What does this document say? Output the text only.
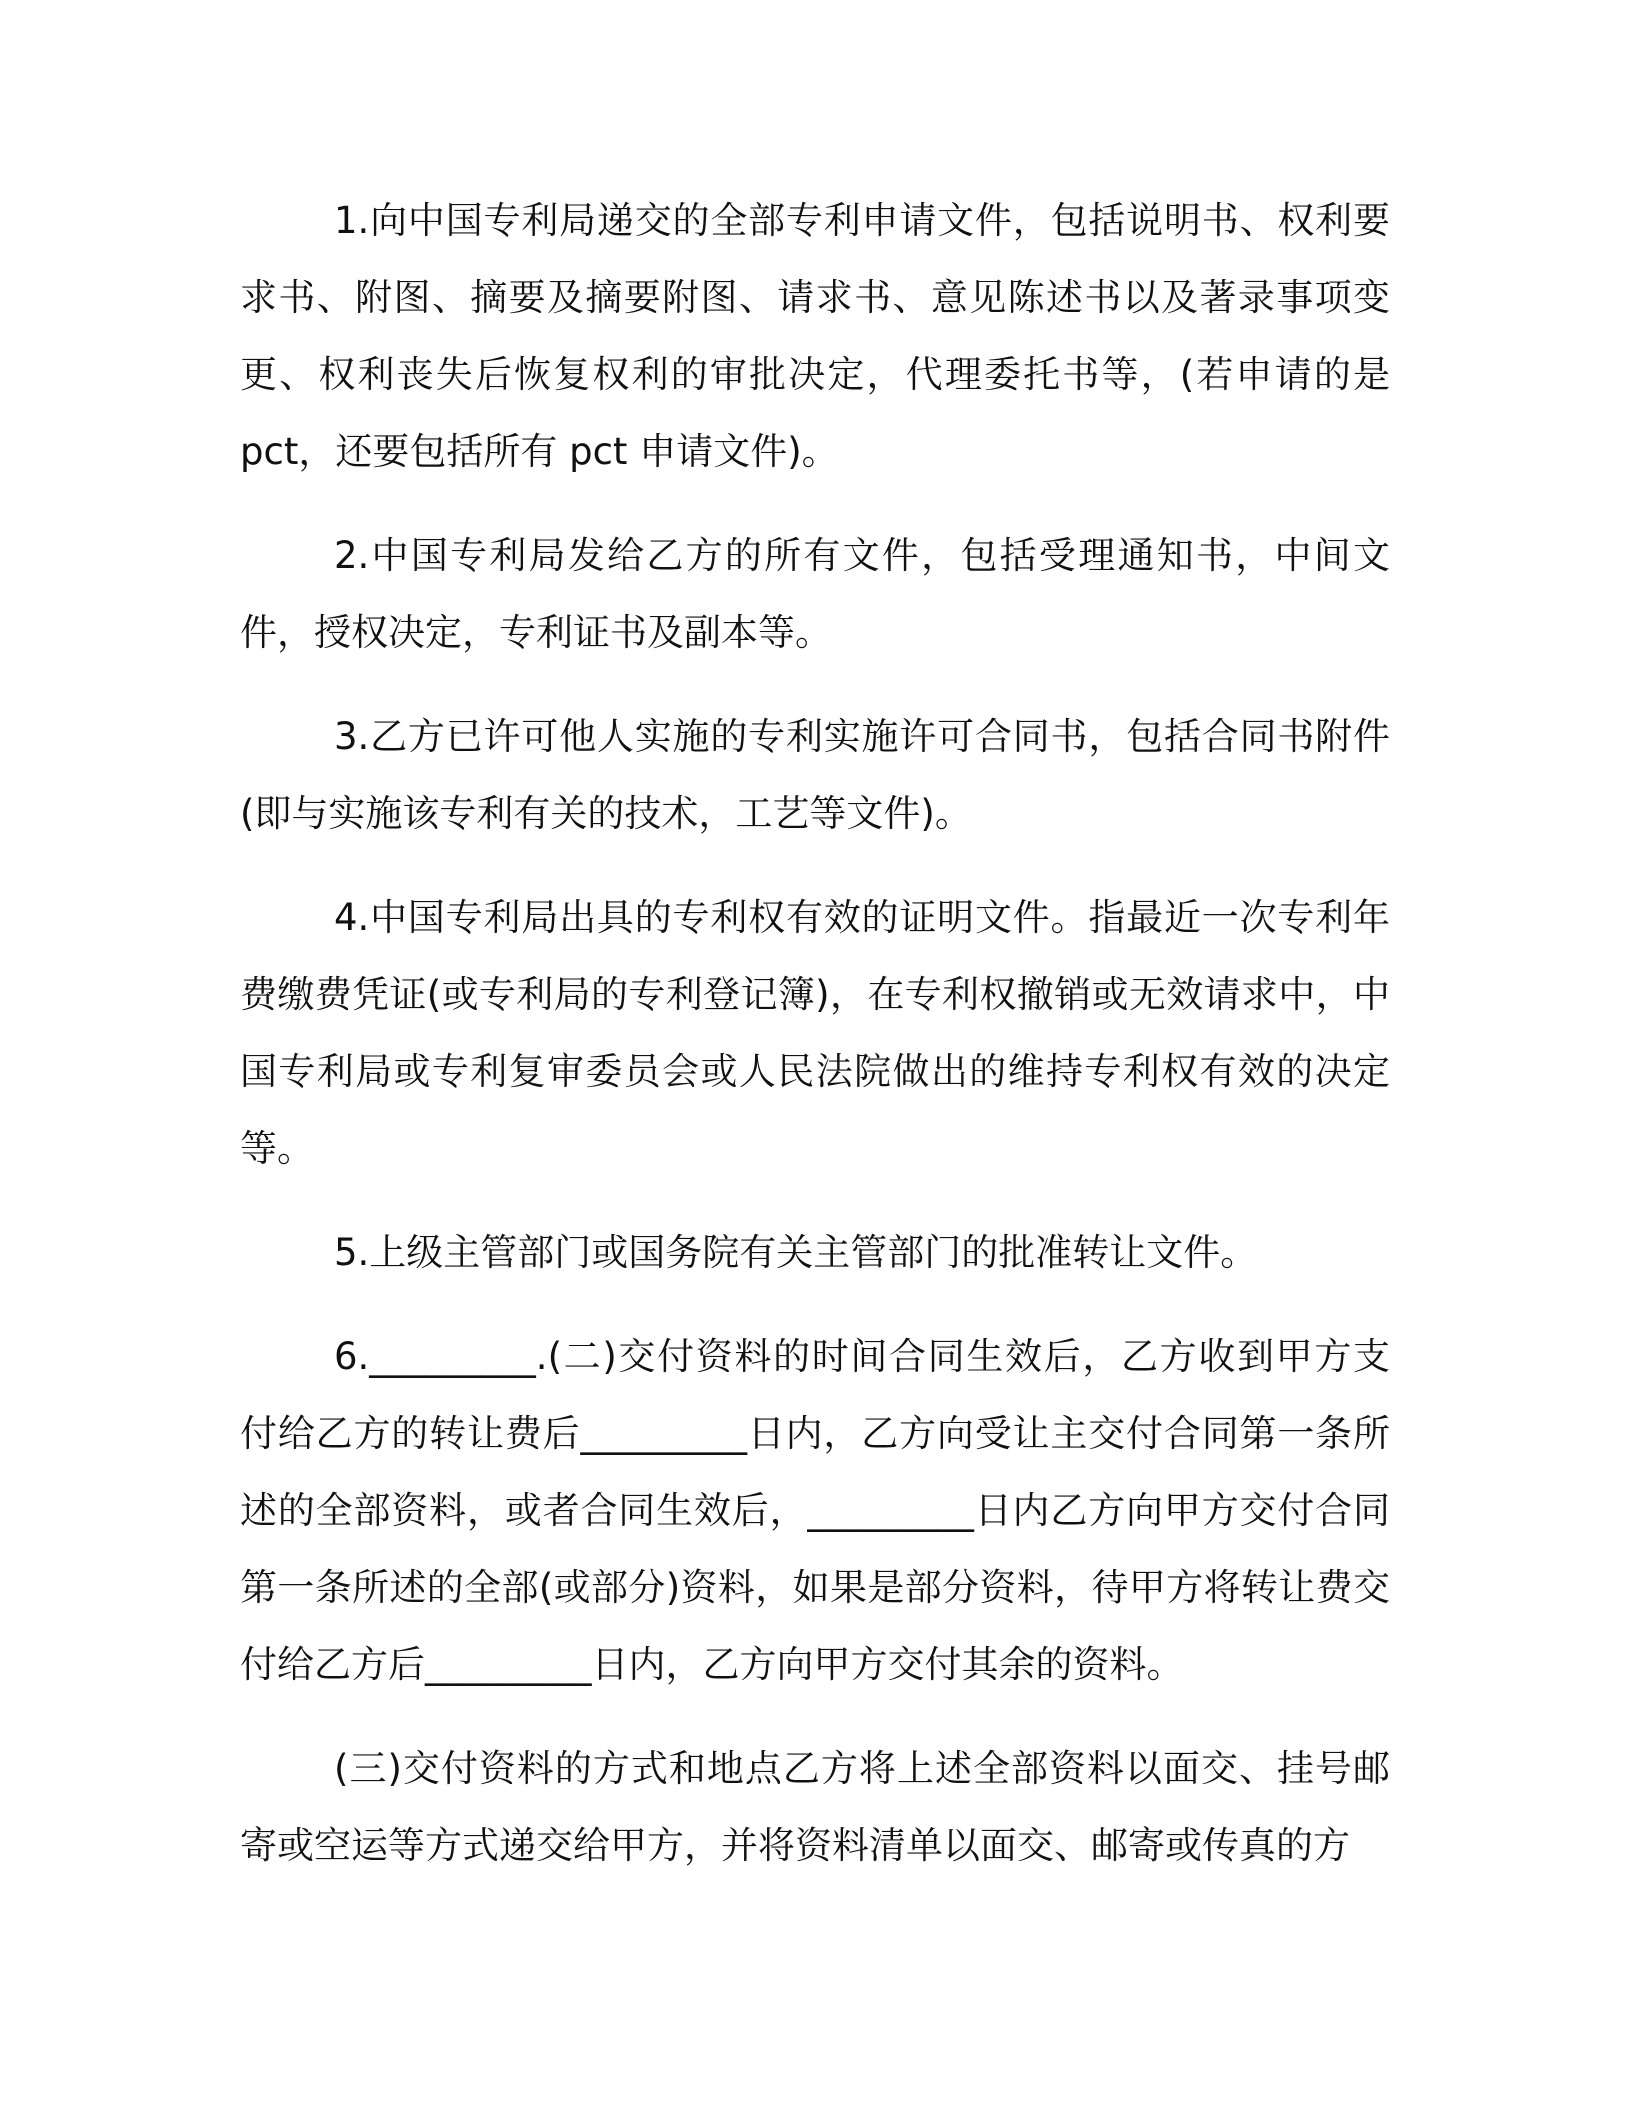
1.向中国专利局递交的全部专利申请文件，包括说明书、权利要求书、附图、摘要及摘要附图、请求书、意见陈述书以及著录事项变更、权利丧失后恢复权利的审批决定，代理委托书等，(若申请的是 pct，还要包括所有 pct 申请文件)。

2.中国专利局发给乙方的所有文件，包括受理通知书，中间文件，授权决定，专利证书及副本等。

3.乙方已许可他人实施的专利实施许可合同书，包括合同书附件(即与实施该专利有关的技术，工艺等文件)。

4.中国专利局出具的专利权有效的证明文件。指最近一次专利年费缴费凭证(或专利局的专利登记簿)，在专利权撤销或无效请求中，中国专利局或专利复审委员会或人民法院做出的维持专利权有效的决定等。

5.上级主管部门或国务院有关主管部门的批准转让文件。

6._________.(二)交付资料的时间合同生效后，乙方收到甲方支付给乙方的转让费后_________日内，乙方向受让主交付合同第一条所述的全部资料，或者合同生效后，_________日内乙方向甲方交付合同第一条所述的全部(或部分)资料，如果是部分资料，待甲方将转让费交付给乙方后_________日内，乙方向甲方交付其余的资料。

(三)交付资料的方式和地点乙方将上述全部资料以面交、挂号邮寄或空运等方式递交给甲方，并将资料清单以面交、邮寄或传真的方
